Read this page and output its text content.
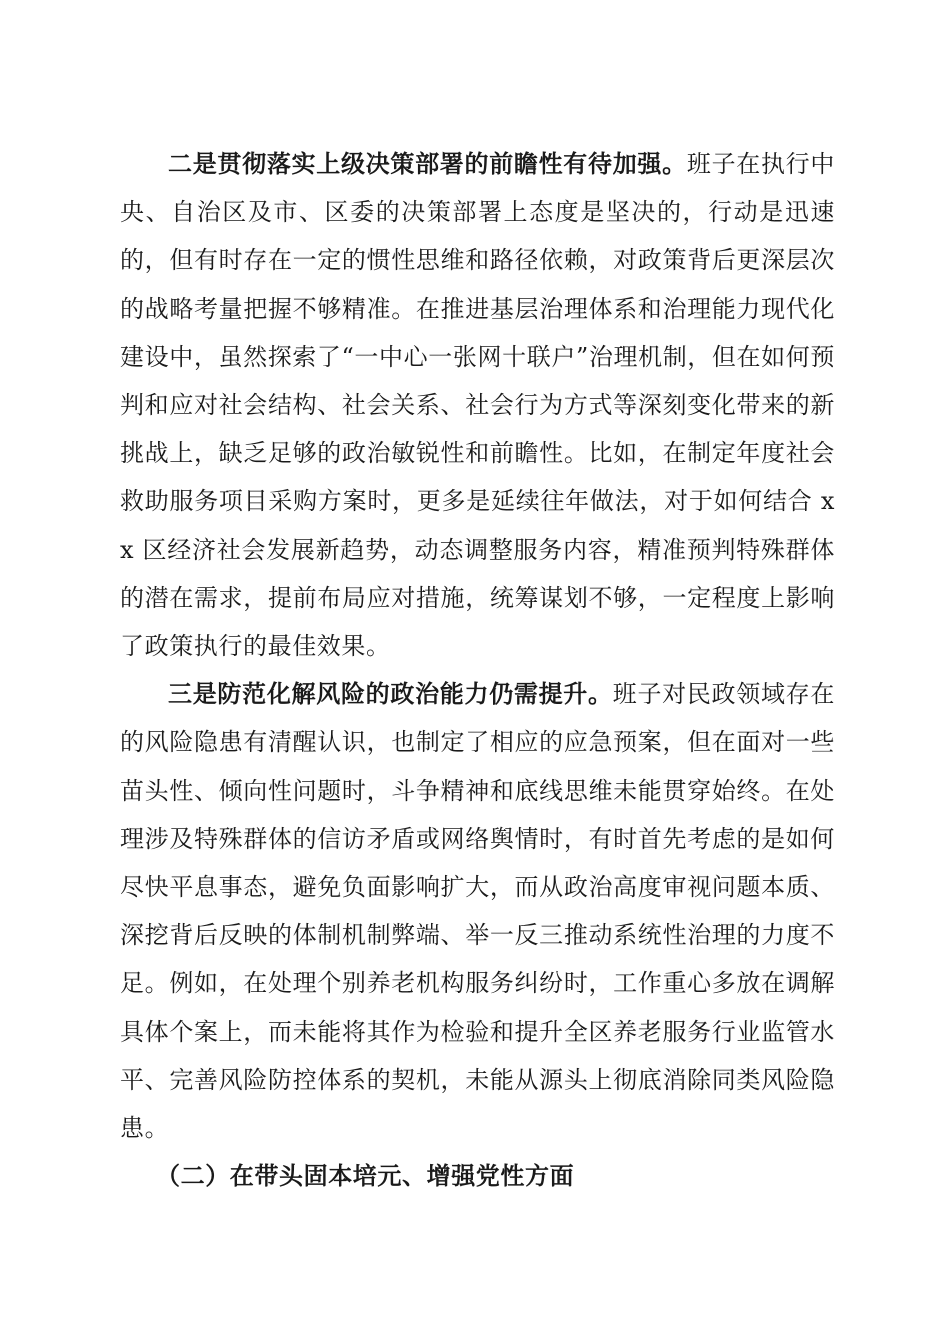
二是贯彻落实上级决策部署的前瞻性有待加强。班子在执行中央、自治区及市、区委的决策部署上态度是坚决的，行动是迅速的，但有时存在一定的惯性思维和路径依赖，对政策背后更深层次的战略考量把握不够精准。在推进基层治理体系和治理能力现代化建设中，虽然探索了“一中心一张网十联户”治理机制，但在如何预判和应对社会结构、社会关系、社会行为方式等深刻变化带来的新挑战上，缺乏足够的政治敏锐性和前瞻性。比如，在制定年度社会救助服务项目采购方案时，更多是延续往年做法，对于如何结合 xx 区经济社会发展新趋势，动态调整服务内容，精准预判特殊群体的潜在需求，提前布局应对措施，统筹谋划不够，一定程度上影响了政策执行的最佳效果。

三是防范化解风险的政治能力仍需提升。班子对民政领域存在的风险隐患有清醒认识，也制定了相应的应急预案，但在面对一些苗头性、倾向性问题时，斗争精神和底线思维未能贯穿始终。在处理涉及特殊群体的信访矛盾或网络舆情时，有时首先考虑的是如何尽快平息事态，避免负面影响扩大，而从政治高度审视问题本质、深挖背后反映的体制机制弊端、举一反三推动系统性治理的力度不足。例如，在处理个别养老机构服务纠纷时，工作重心多放在调解具体个案上，而未能将其作为检验和提升全区养老服务行业监管水平、完善风险防控体系的契机，未能从源头上彻底消除同类风险隐患。

（二）在带头固本培元、增强党性方面
